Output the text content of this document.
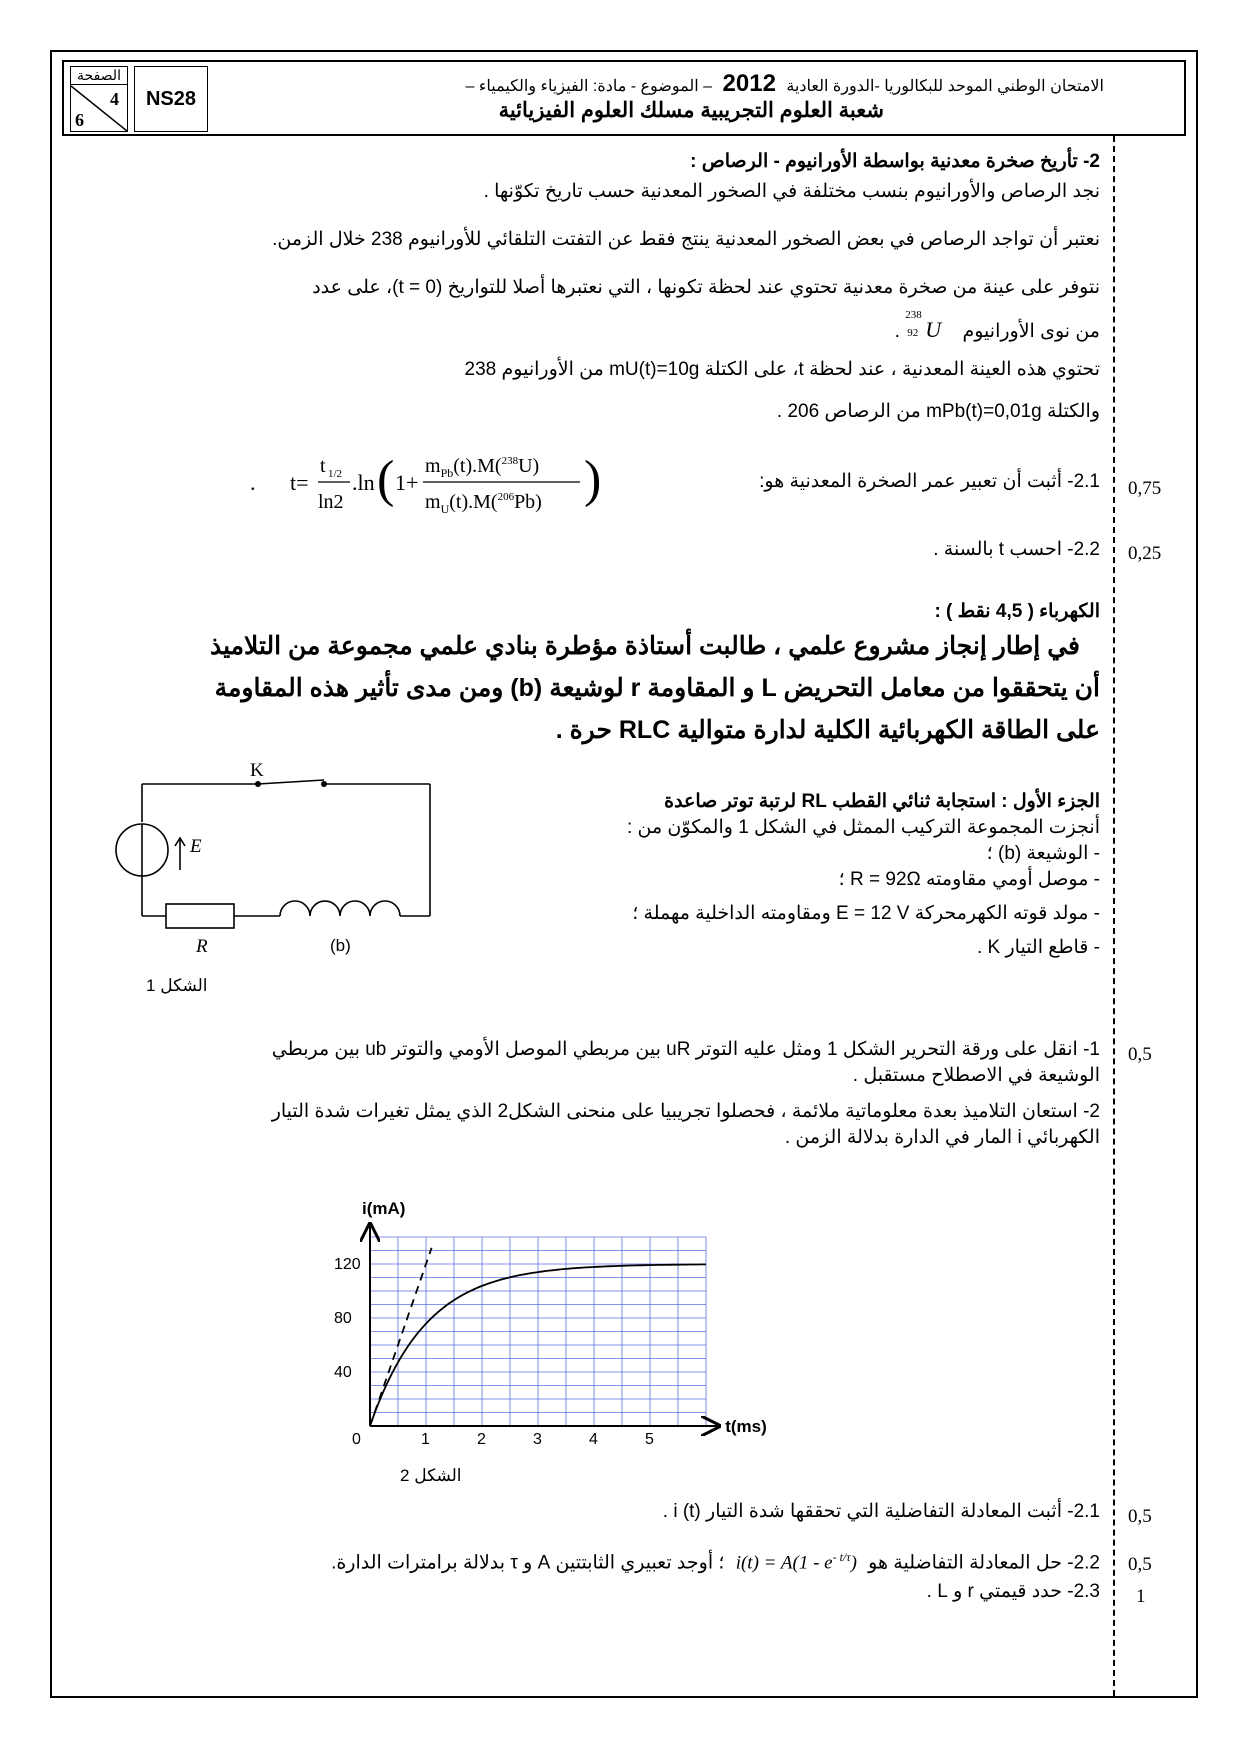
الصفحة
4
6
NS28
الامتحان الوطني الموحد للبكالوريا -الدورة العادية 2012 – الموضوع - مادة: الفيزياء والكيمياء –
شعبة العلوم التجريبية مسلك العلوم الفيزيائية
2- تأريخ صخرة معدنية بواسطة الأورانيوم - الرصاص :
نجد الرصاص والأورانيوم بنسب مختلفة في الصخور المعدنية حسب تاريخ تكوّنها .
نعتبر أن تواجد الرصاص في بعض الصخور المعدنية ينتج فقط عن التفتت التلقائي للأورانيوم 238 خلال الزمن.
نتوفر على عينة من صخرة معدنية تحتوي عند لحظة تكونها ، التي نعتبرها أصلا للتواريخ (t = 0)، على عدد
من نوى الأورانيوم
238
92 U .
تحتوي هذه العينة المعدنية ، عند لحظة t، على الكتلة mU(t)=10g من الأورانيوم 238
والكتلة mPb(t)=0,01g من الرصاص 206 .
2.1- أثبت أن تعبير عمر الصخرة المعدنية هو:
. t=
t 1/2
ln2
.ln ( 1+
$m_{Pb}(t).M(^{238}U)$
$m_U(t).M(^{206}Pb)$ )	0,75
2.2- احسب t بالسنة . 0,25
الكهرباء ( 4,5 نقط ) :
في إطار إنجاز مشروع علمي ، طالبت أستاذة مؤطرة بنادي علمي مجموعة من التلاميذ
أن يتحققوا من معامل التحريض L و المقاومة r لوشيعة (b) ومن مدى تأثير هذه المقاومة
على الطاقة الكهربائية الكلية لدارة متوالية RLC حرة .
الجزء الأول : استجابة ثنائي القطب RL لرتبة توتر صاعدة
أنجزت المجموعة التركيب الممثل في الشكل 1 والمكوّن من :
- الوشيعة (b) ؛
- موصل أومي مقاومته R = 92Ω ؛
- مولد قوته الكهرمحركة E = 12 V ومقاومته الداخلية مهملة ؛
- قاطع التيار K .
K
E
R	(b)
الشكل 1
1- انقل على ورقة التحرير الشكل 1 ومثل عليه التوتر uR بين مربطي الموصل الأومي والتوتر ub بين مربطي
الوشيعة في الاصطلاح مستقبل .
0,5
2- استعان التلاميذ بعدة معلوماتية ملائمة ، فحصلوا تجريبيا على منحنى الشكل2 الذي يمثل تغيرات شدة التيار
الكهربائي i المار في الدارة بدلالة الزمن .
0	1	2	3	4	5
40
80
120
t(ms)
i(mA)
الشكل 2
2.1- أثبت المعادلة التفاضلية التي تحققها شدة التيار i (t) . 0,5
2.2- حل المعادلة التفاضلية هو $i(t) = A(1 - e^{- t/\tau})$ ؛ أوجد تعبيري الثابتتين A و τ بدلالة برامترات الدارة.	0,5
2.3- حدد قيمتي r و L . 1
